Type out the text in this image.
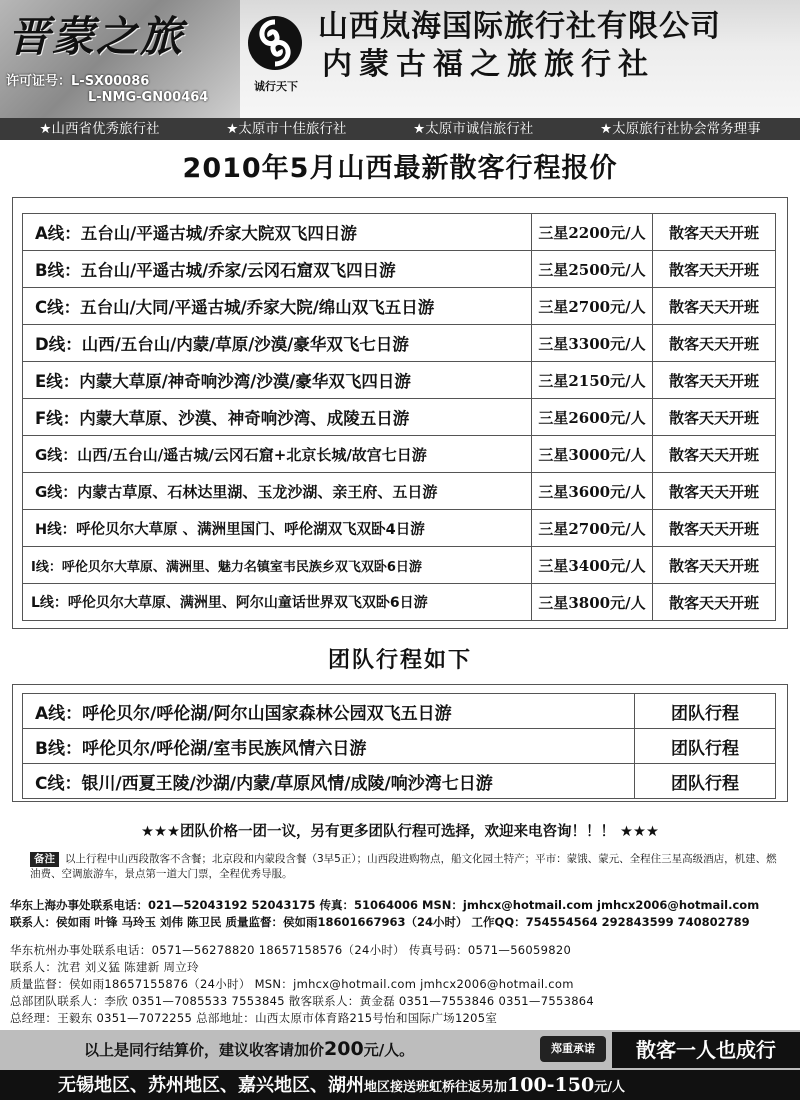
晋蒙之旅
许可证号：L-SX00086
L-NMG-GN00464
诚行天下
山西岚海国际旅行社有限公司
内蒙古福之旅旅行社
★山西省优秀旅行社	★太原市十佳旅行社	★太原市诚信旅行社	★太原旅行社协会常务理事
2010年5月山西最新散客行程报价
A线：五台山/平遥古城/乔家大院双飞四日游	三星2200元/人	散客天天开班
B线：五台山/平遥古城/乔家/云冈石窟双飞四日游	三星2500元/人	散客天天开班
C线：五台山/大同/平遥古城/乔家大院/绵山双飞五日游	三星2700元/人	散客天天开班
D线：山西/五台山/内蒙/草原/沙漠/豪华双飞七日游	三星3300元/人	散客天天开班
E线：内蒙大草原/神奇响沙湾/沙漠/豪华双飞四日游	三星2150元/人	散客天天开班
F线：内蒙大草原、沙漠、神奇响沙湾、成陵五日游	三星2600元/人	散客天天开班
G线：山西/五台山/遥古城/云冈石窟+北京长城/故宫七日游	三星3000元/人	散客天天开班
G线：内蒙古草原、石林达里湖、玉龙沙湖、亲王府、五日游	三星3600元/人	散客天天开班
H线：呼伦贝尔大草原 、满洲里国门、呼伦湖双飞双卧4日游	三星2700元/人	散客天天开班
I线：呼伦贝尔大草原、满洲里、魅力名镇室韦民族乡双飞双卧6日游	三星3400元/人	散客天天开班
L线：呼伦贝尔大草原、满洲里、阿尔山童话世界双飞双卧6日游	三星3800元/人	散客天天开班
团队行程如下
A线：呼伦贝尔/呼伦湖/阿尔山国家森林公园双飞五日游	团队行程
B线：呼伦贝尔/呼伦湖/室韦民族风情六日游	团队行程
C线：银川/西夏王陵/沙湖/内蒙/草原风情/成陵/响沙湾七日游	团队行程
★★★团队价格一团一议，另有更多团队行程可选择，欢迎来电咨询！！！ ★★★
备注 以上行程中山西段散客不含餐；北京段和内蒙段含餐（3早5正）；山西段进购物点，船文化园土特产；平市：蒙饿、蒙元、全程住三星高级酒店，机建、燃油费、空调旅游车，景点第一道大门票，全程优秀导服。
华东上海办事处联系电话：021—52043192 52043175 传真：51064006 MSN：jmhcx@hotmail.com jmhcx2006@hotmail.com
联系人：侯如雨 叶锋 马玲玉 刘伟 陈卫民 质量监督：侯如雨18601667963（24小时） 工作QQ：754554564 292843599 740802789
华东杭州办事处联系电话：0571—56278820 18657158576（24小时） 传真号码：0571—56059820
联系人：沈君 刘义猛 陈建新 周立玲
质量监督：侯如雨18657155876（24小时） MSN：jmhcx@hotmail.com jmhcx2006@hotmail.com
总部团队联系人：李欣 0351—7085533 7553845 散客联系人：黄金磊 0351—7553846 0351—7553864
总经理：王毅东 0351—7072255 总部地址：山西太原市体育路215号怡和国际广场1205室
以上是同行结算价，建议收客请加价200元/人。	郑重承诺	散客一人也成行
无锡地区、苏州地区、嘉兴地区、湖州地区接送班虹桥往返另加100-150元/人
